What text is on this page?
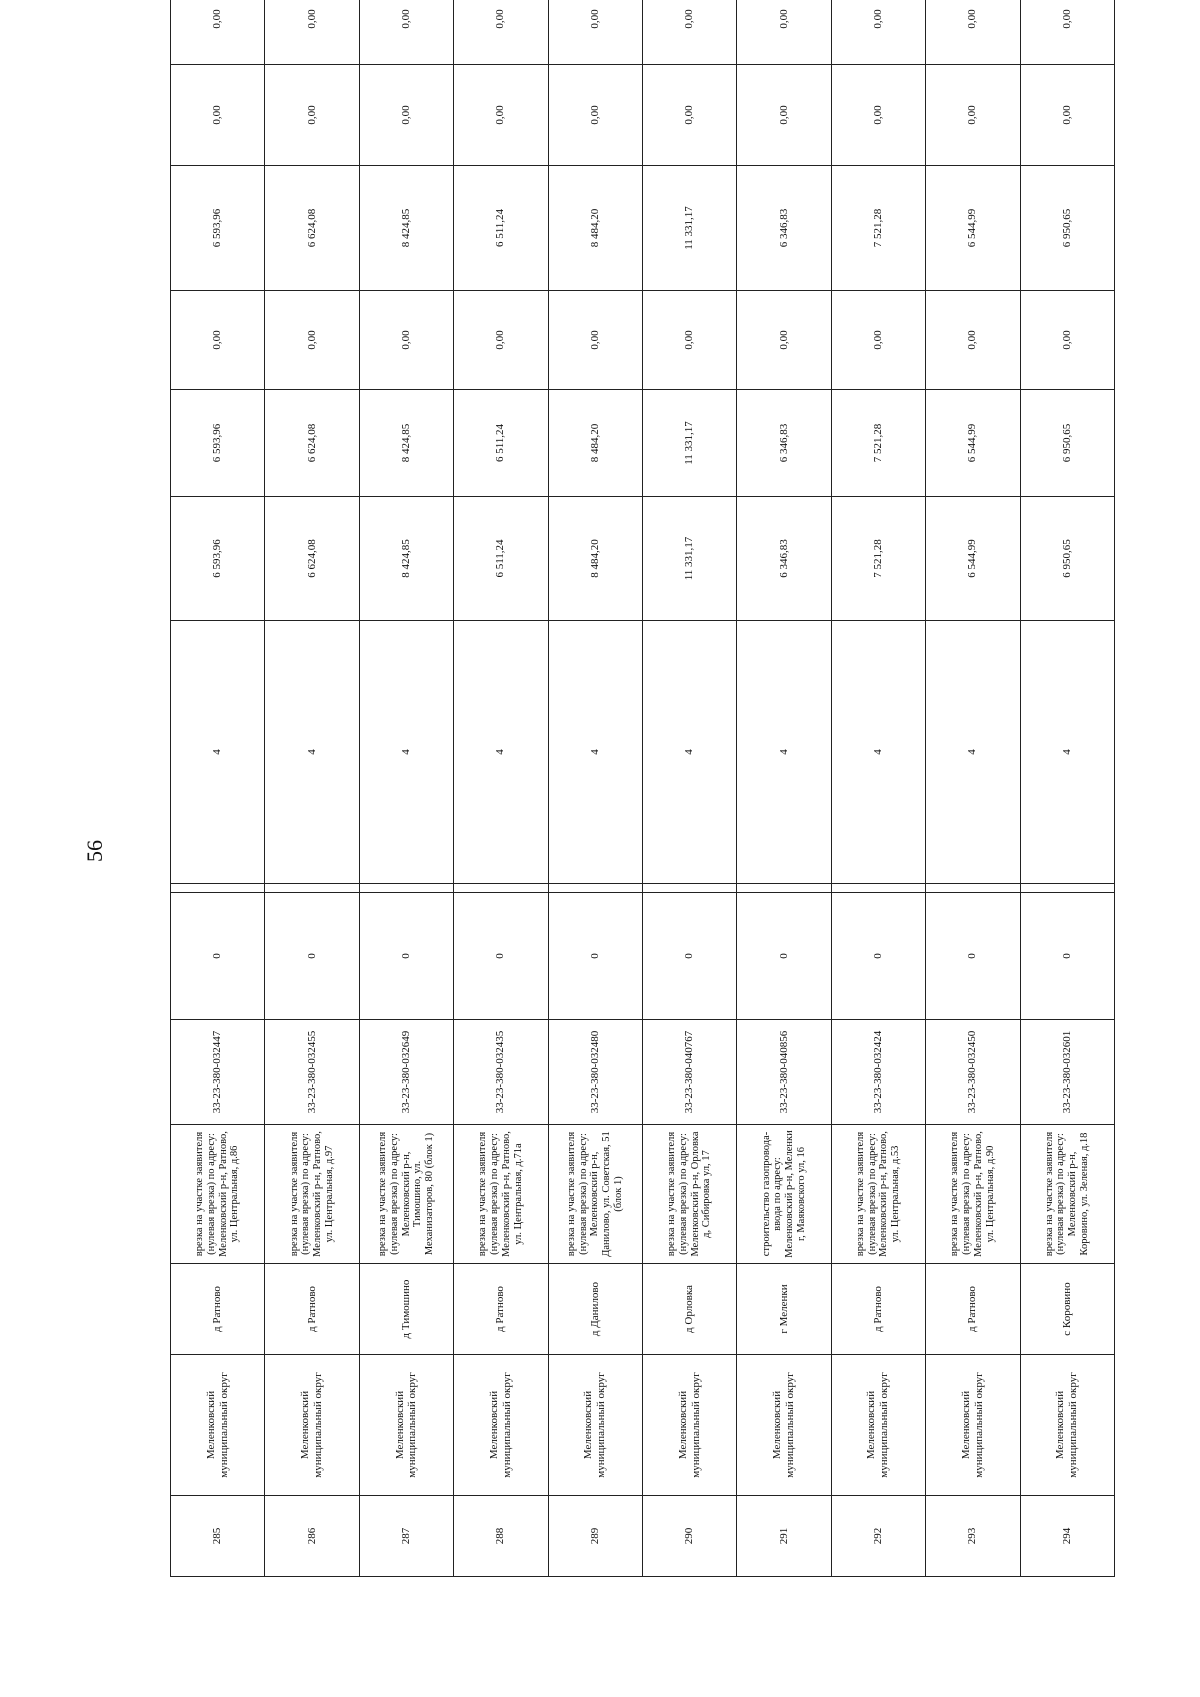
56
285	Меленковский муниципальный округ	д Ратново	врезка на участке заявителя (нулевая врезка) по адресу: Меленковский р-н, Ратново, ул. Центральная, д.86	33-23-380-032447	0		4	6 593,96	6 593,96	0,00	6 593,96	0,00	0,00
286	Меленковский муниципальный округ	д Ратново	врезка на участке заявителя (нулевая врезка) по адресу: Меленковский р-н, Ратново, ул. Центральная, д.97	33-23-380-032455	0		4	6 624,08	6 624,08	0,00	6 624,08	0,00	0,00
287	Меленковский муниципальный округ	д Тимошино	врезка на участке заявителя (нулевая врезка) по адресу: Меленковский р-н, Тимошино, ул. Механизаторов, 80 (блок 1)	33-23-380-032649	0		4	8 424,85	8 424,85	0,00	8 424,85	0,00	0,00
288	Меленковский муниципальный округ	д Ратново	врезка на участке заявителя (нулевая врезка) по адресу: Меленковский р-н, Ратново, ул. Центральная, д.71а	33-23-380-032435	0		4	6 511,24	6 511,24	0,00	6 511,24	0,00	0,00
289	Меленковский муниципальный округ	д Данилово	врезка на участке заявителя (нулевая врезка) по адресу: Меленковский р-н, Данилово, ул. Советская, 51 (блок 1)	33-23-380-032480	0		4	8 484,20	8 484,20	0,00	8 484,20	0,00	0,00
290	Меленковский муниципальный округ	д Орловка	врезка на участке заявителя (нулевая врезка) по адресу: Меленковский р-н, Орловка д, Сибировка ул, 17	33-23-380-040767	0		4	11 331,17	11 331,17	0,00	11 331,17	0,00	0,00
291	Меленковский муниципальный округ	г Меленки	строительство газопровода-ввода по адресу: Меленковский р-н, Меленки г, Маяковского ул, 16	33-23-380-040856	0		4	6 346,83	6 346,83	0,00	6 346,83	0,00	0,00
292	Меленковский муниципальный округ	д Ратново	врезка на участке заявителя (нулевая врезка) по адресу: Меленковский р-н, Ратново, ул. Центральная, д.53	33-23-380-032424	0		4	7 521,28	7 521,28	0,00	7 521,28	0,00	0,00
293	Меленковский муниципальный округ	д Ратново	врезка на участке заявителя (нулевая врезка) по адресу: Меленковский р-н, Ратново, ул. Центральная, д.90	33-23-380-032450	0		4	6 544,99	6 544,99	0,00	6 544,99	0,00	0,00
294	Меленковский муниципальный округ	с Коровино	врезка на участке заявителя (нулевая врезка) по адресу: Меленковский р-н, Коровино, ул. Зеленая, д.18	33-23-380-032601	0		4	6 950,65	6 950,65	0,00	6 950,65	0,00	0,00
